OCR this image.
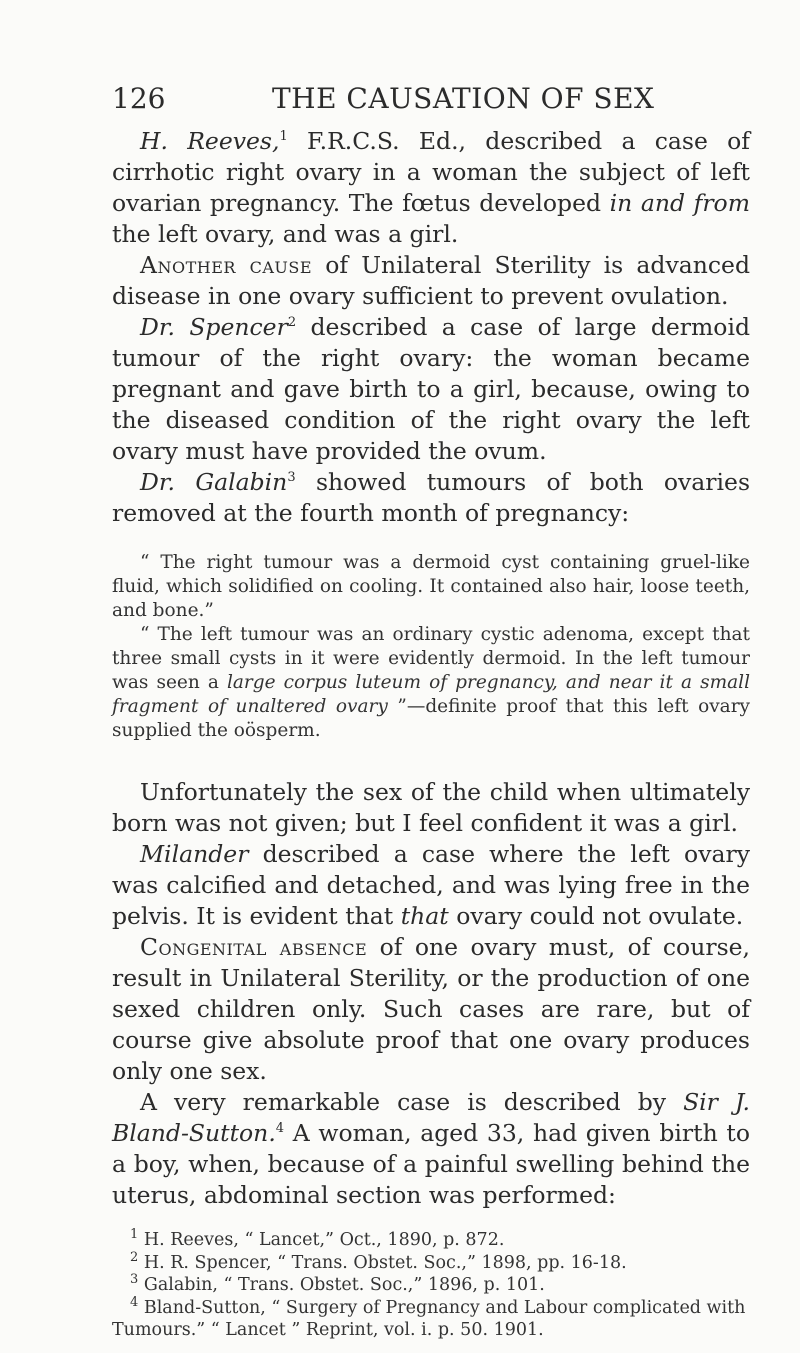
126	THE CAUSATION OF SEX

H. Reeves,$^1$ F.R.C.S. Ed., described a case of cirrhotic right ovary in a woman the subject of left ovarian pregnancy. The fœtus developed in and from the left ovary, and was a girl.

Another cause of Unilateral Sterility is advanced disease in one ovary sufficient to prevent ovulation.

Dr. Spencer$^2$ described a case of large dermoid tumour of the right ovary: the woman became pregnant and gave birth to a girl, because, owing to the diseased condition of the right ovary the left ovary must have provided the ovum.

Dr. Galabin$^3$ showed tumours of both ovaries removed at the fourth month of pregnancy:

“ The right tumour was a dermoid cyst containing gruel-like fluid, which solidified on cooling. It contained also hair, loose teeth, and bone.”

“ The left tumour was an ordinary cystic adenoma, except that three small cysts in it were evidently dermoid. In the left tumour was seen a large corpus luteum of pregnancy, and near it a small fragment of unaltered ovary ”—definite proof that this left ovary supplied the oösperm.

Unfortunately the sex of the child when ultimately born was not given; but I feel confident it was a girl.

Milander described a case where the left ovary was calcified and detached, and was lying free in the pelvis. It is evident that that ovary could not ovulate.

Congenital absence of one ovary must, of course, result in Unilateral Sterility, or the production of one sexed children only. Such cases are rare, but of course give absolute proof that one ovary produces only one sex.

A very remarkable case is described by Sir J. Bland-Sutton.$^4$ A woman, aged 33, had given birth to a boy, when, because of a painful swelling behind the uterus, abdominal section was performed:

$^1$ H. Reeves, “ Lancet,” Oct., 1890, p. 872.

$^2$ H. R. Spencer, “ Trans. Obstet. Soc.,” 1898, pp. 16-18.

$^3$ Galabin, “ Trans. Obstet. Soc.,” 1896, p. 101.

$^4$ Bland-Sutton, “ Surgery of Pregnancy and Labour complicated with Tumours.” “ Lancet ” Reprint, vol. i. p. 50. 1901.
